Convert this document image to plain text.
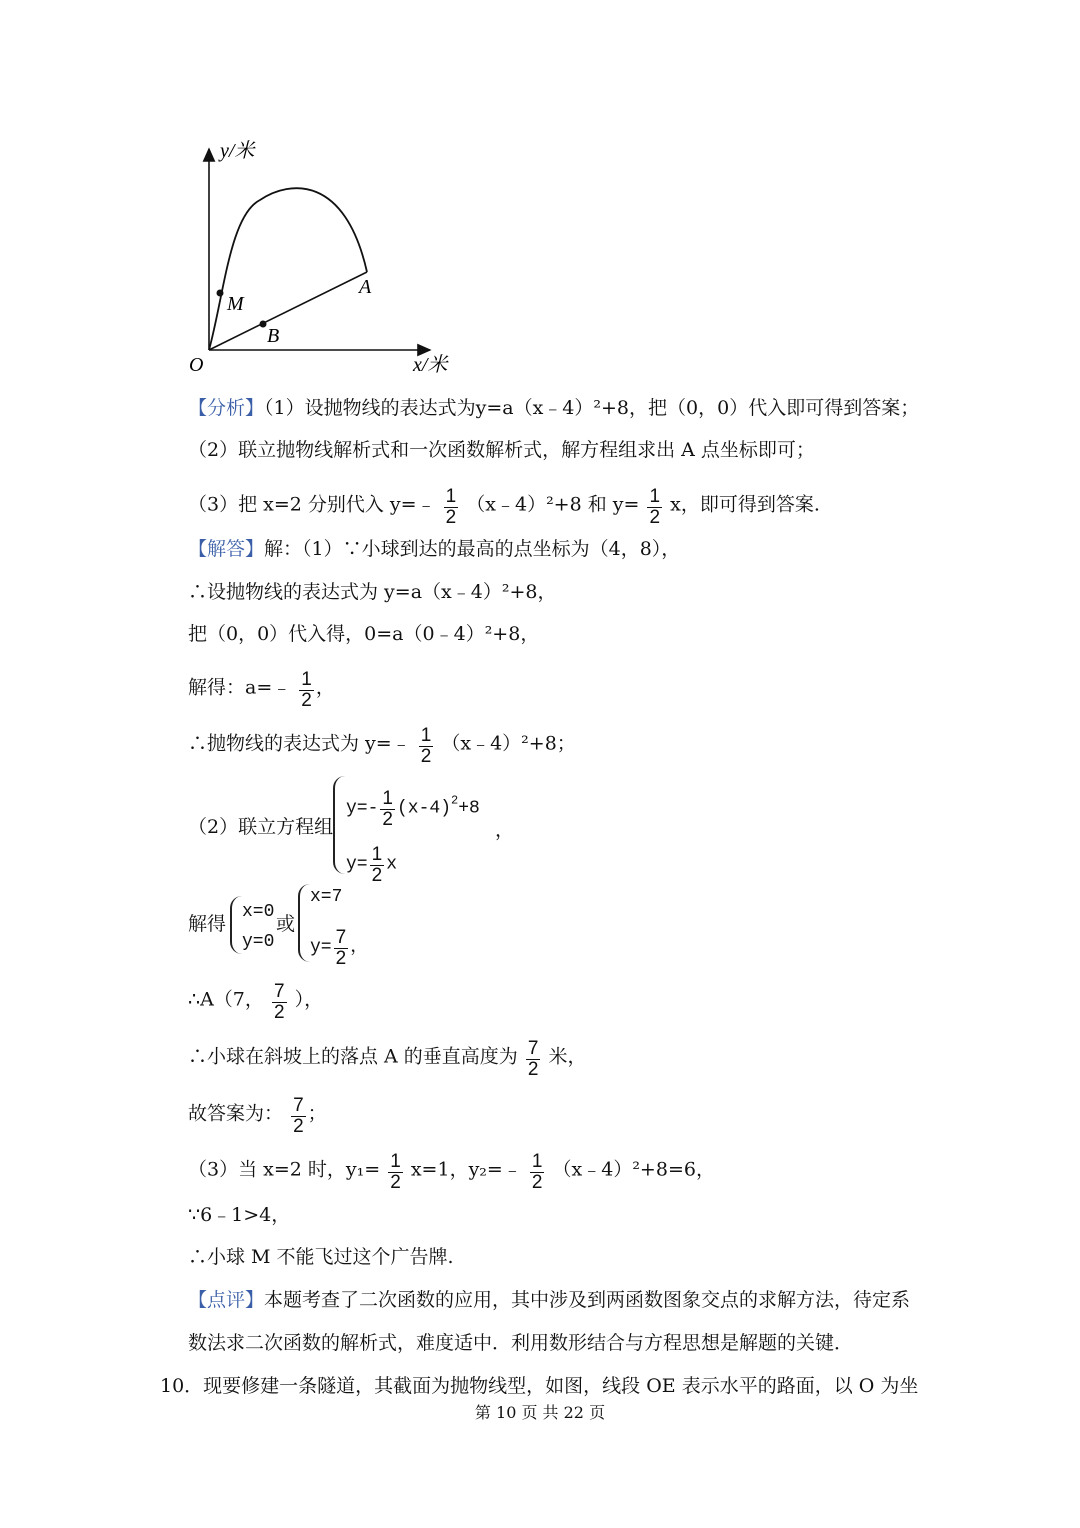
y/米
x/米
O
M
B
A
【分析】（1）设抛物线的表达式为y=a（x﹣4）²+8，把（0，0）代入即可得到答案；
（2）联立抛物线解析式和一次函数解析式，解方程组求出 A 点坐标即可；
（3）把 x=2 分别代入 y=﹣ $\frac{1}{2}$ （x﹣4）²+8 和 $y= \frac{1}{2}$ x，即可得到答案.
【解答】解：（1）∵小球到达的最高的点坐标为（4，8），
∴设抛物线的表达式为 y=a（x﹣4）²+8，
把（0，0）代入得，0=a（0﹣4）²+8，
解得：a=﹣ $\frac{1}{2}$ ，
∴抛物线的表达式为 y=﹣ $\frac{1}{2}$ （x﹣4）²+8；
（2）联立方程组
$y=- \frac{1}{2} (x-4)^2+8$
$y= \frac{1}{2}$ x
，
解得
x=0
y=0
或
x=7
$y= \frac{7}{2}$ ，
∴A（7， $\frac{7}{2}$ ），
∴小球在斜坡上的落点 A 的垂直高度为 $\frac{7}{2}$ 米，
故答案为： $\frac{7}{2}$ ；
（3）当 x=2 时，$y_1= \frac{1}{2} x=1$，y₂=﹣ $\frac{1}{2}$ （x﹣4）²+8=6，
∵6﹣1>4，
∴小球 M 不能飞过这个广告牌.
【点评】本题考查了二次函数的应用，其中涉及到两函数图象交点的求解方法，待定系
数法求二次函数的解析式，难度适中．利用数形结合与方程思想是解题的关键．
10．现要修建一条隧道，其截面为抛物线型，如图，线段 OE 表示水平的路面，以 O 为坐
第 10 页 共 22 页
